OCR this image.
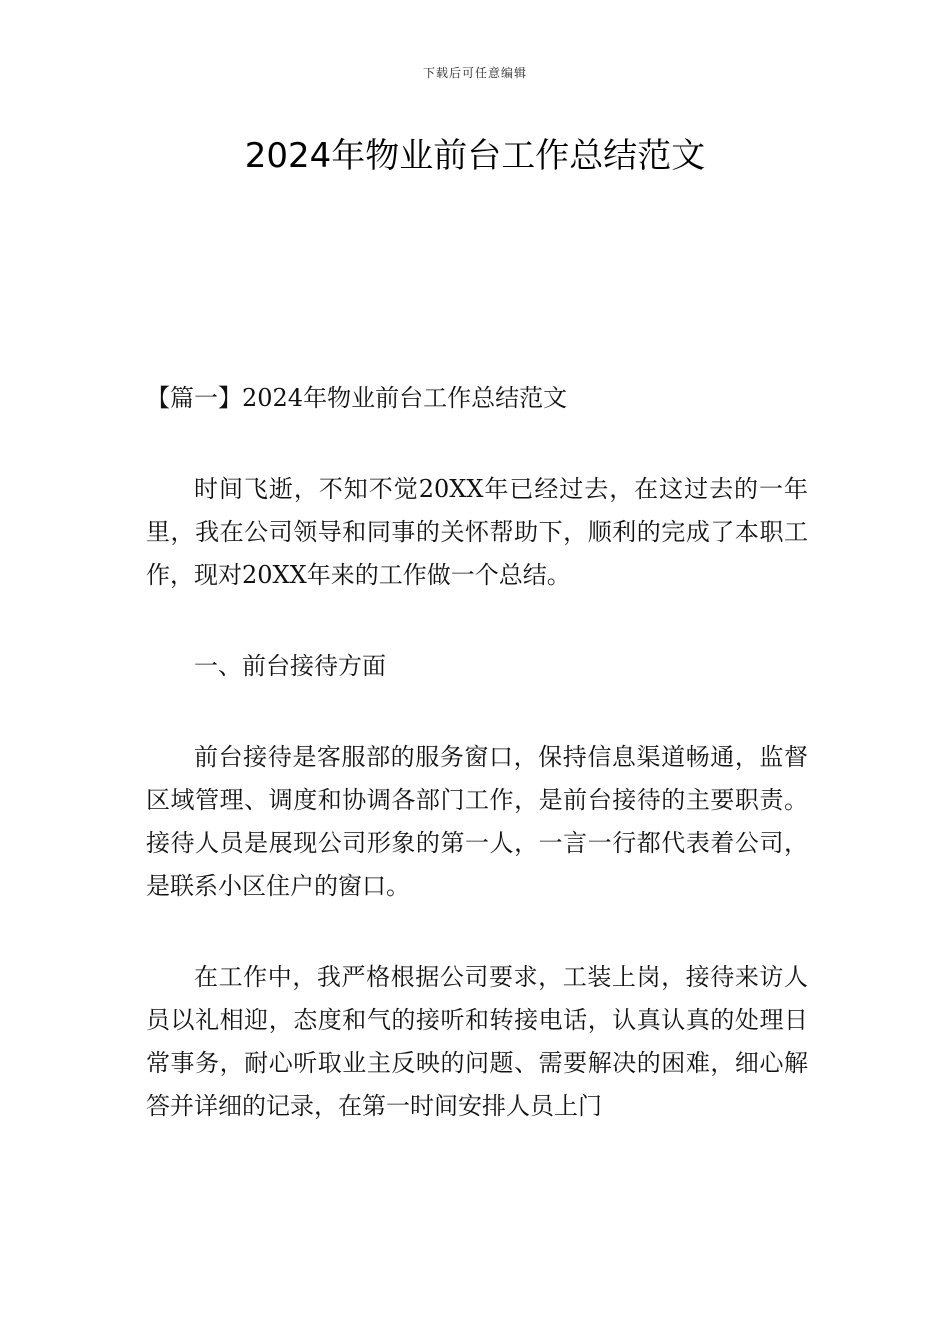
下载后可任意编辑
2024年物业前台工作总结范文

【篇一】2024年物业前台工作总结范文

时间飞逝，不知不觉20XX年已经过去，在这过去的一年里，我在公司领导和同事的关怀帮助下，顺利的完成了本职工作，现对20XX年来的工作做一个总结。

一、前台接待方面

前台接待是客服部的服务窗口，保持信息渠道畅通，监督区域管理、调度和协调各部门工作，是前台接待的主要职责。接待人员是展现公司形象的第一人，一言一行都代表着公司，是联系小区住户的窗口。

在工作中，我严格根据公司要求，工装上岗，接待来访人员以礼相迎，态度和气的接听和转接电话，认真认真的处理日常事务，耐心听取业主反映的问题、需要解决的困难，细心解答并详细的记录，在第一时间安排人员上门
